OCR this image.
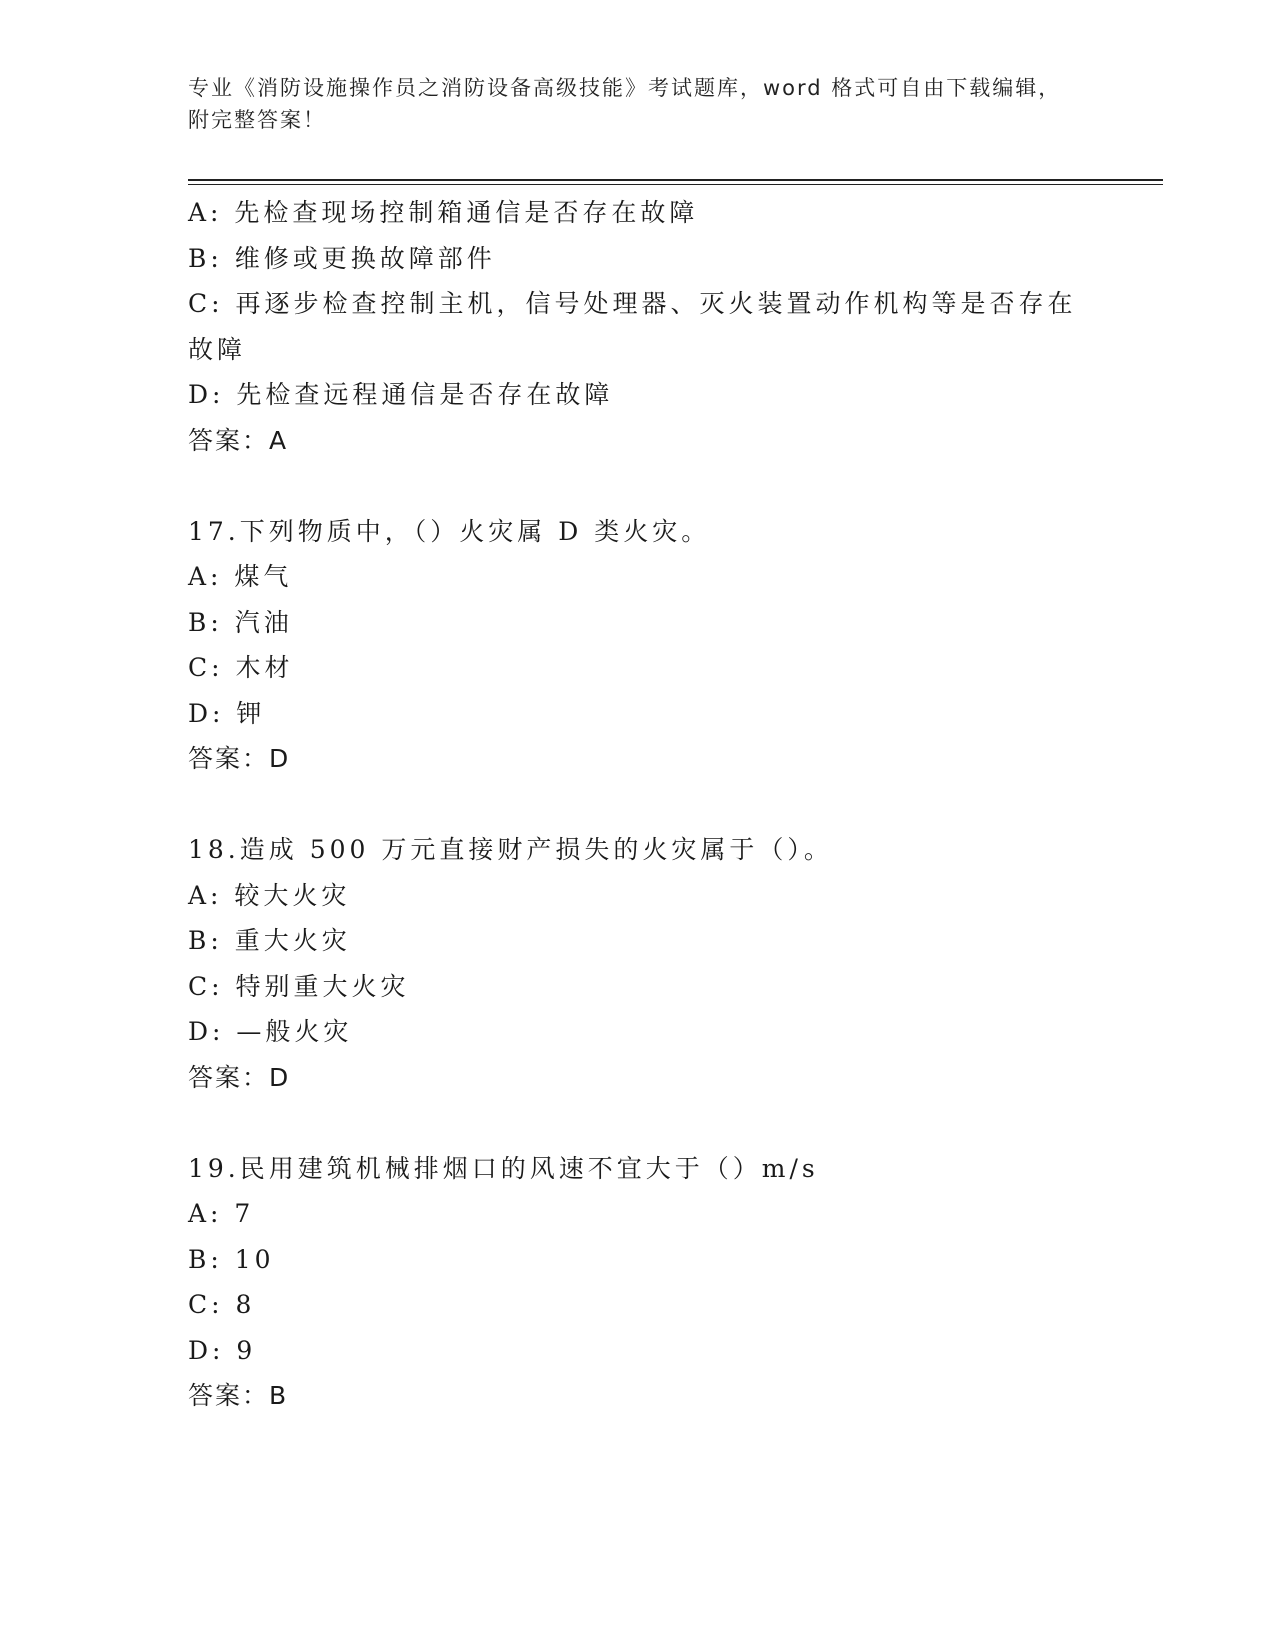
专业《消防设施操作员之消防设备高级技能》考试题库，word 格式可自由下载编辑，附完整答案！
A: 先检查现场控制箱通信是否存在故障
B: 维修或更换故障部件
C: 再逐步检查控制主机，信号处理器、灭火装置动作机构等是否存在
故障
D: 先检查远程通信是否存在故障
答案：A
17.下列物质中，（）火灾属 D 类火灾。
A: 煤气
B: 汽油
C: 木材
D: 钾
答案：D
18.造成 500 万元直接财产损失的火灾属于（）。
A: 较大火灾
B: 重大火灾
C: 特别重大火灾
D: —般火灾
答案：D
19.民用建筑机械排烟口的风速不宜大于（）m/s
A: 7
B: 10
C: 8
D: 9
答案：B
